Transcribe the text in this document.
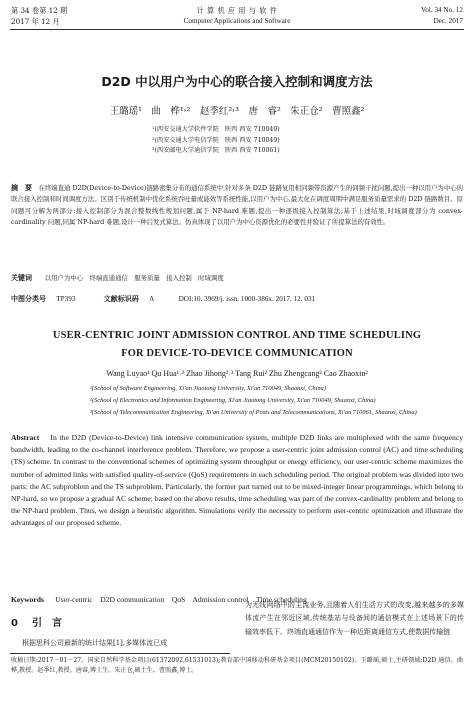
第 34 卷第 12 期
2017 年 12 月
计 算 机 应 用 与 软 件
Computer Applications and Software
Vol. 34 No. 12
Dec. 2017
D2D 中以用户为中心的联合接入控制和调度方法
王璐瑶¹　曲　桦¹˒²　赵季红²˒³　唐　睿²　朱正仓²　曹照鑫²
¹(西安交通大学软件学院　陕西 西安 710049)
²(西安交通大学电信学院　陕西 西安 710049)
³(西安邮电大学通信学院　陕西 西安 710061)
摘　要　 在终端直通 D2D(Device-to-Device)链路密集分布的通信系统中,针对多条 D2D 链路复用相同频带资源产生的同频干扰问题,提出一种以用户为中心的联合接入控制和时间调度方法。区别于传统机制中优化系统吞吐量或能效等系统性能,以用户为中心,最大化在调度周期中满足服务质量需求的 D2D 链路数目。原问题可分解为两部分:接入控制部分为混合整数线性规划问题,属于 NP-hard 难题,提出一种逐级接入控制算法;基于上述结果,时域调度部分为 convex-cardinality 问题,同属 NP-hard 难题,设计一种启发式算法。仿真体现了以用户为中心资源优化的必要性并验证了所提算法的有效性。
关键词　　 以用户为中心　终端直通通信　服务质量　接入控制　时域调度
中图分类号 TP393	文献标识码 A	DOI:10. 3969/j. issn. 1000-386x. 2017. 12. 031
USER-CENTRIC JOINT ADMISSION CONTROL AND TIME SCHEDULING
FOR DEVICE-TO-DEVICE COMMUNICATION
Wang Luyao¹ Qu Hua¹˒² Zhao Jihong²˒³ Tang Rui² Zhu Zhengcang² Cao Zhaoxin²
¹(School of Software Engineering, Xi'an Jiaotong University, Xi'an 710049, Shaanxi, China)
²(School of Electronics and Information Engineering, Xi'an Jiaotong University, Xi'an 710049, Shaanxi, China)
³(School of Telecommunication Engineering, Xi'an University of Posts and Telecommunications, Xi'an 710061, Shaanxi, China)
Abstract In the D2D (Device-to-Device) link intensive communication system, multiple D2D links are multiplexed with the same frequency bandwidth, leading to the co-channel interference problem. Therefore, we propose a user-centric joint admission control (AC) and time scheduling (TS) scheme. In contrast to the conventional schemes of optimizing system throughput or energy efficiency, our user-centric scheme maximizes the number of admitted links with satisfied quality-of-service (QoS) requirements in each scheduling period. The original problem was divided into two parts: the AC subproblem and the TS subproblem. Particularly, the former part turned out to be mixed-integer linear programmings, which belong to NP-hard, so we propose a gradual AC scheme; based on the above results, time scheduling was part of the convex-cardinality problem and belong to the NP-hard problem. Thus, we design a heuristic algorithm. Simulations verify the necessity to perform user-centric optimization and illustrate the advantages of our proposed scheme.
Keywords User-centric    D2D communication    QoS    Admission control    Time scheduling
0 引　言
根据思科公司最新的统计结果[1],多媒体流已成
为无线网络中的主流业务,且随着人们生活方式的改变,越来越多的多媒体流产生在邻近区域,传统基站与设备间的通信模式在上述场景下的传输效率低下。终端直通通信作为一种近距离通信方式,使数据传输链
收稿日期:2017－01－27。国家自然科学基金项目(61372092,61531013);教育部中国移动科研基金项目(MCM20150102)。王璐瑶,硕士,主研领域:D2D 通信。曲桦,教授。赵季红,教授。唐睿,博士生。朱正仓,硕士生。曹照鑫,博士。
